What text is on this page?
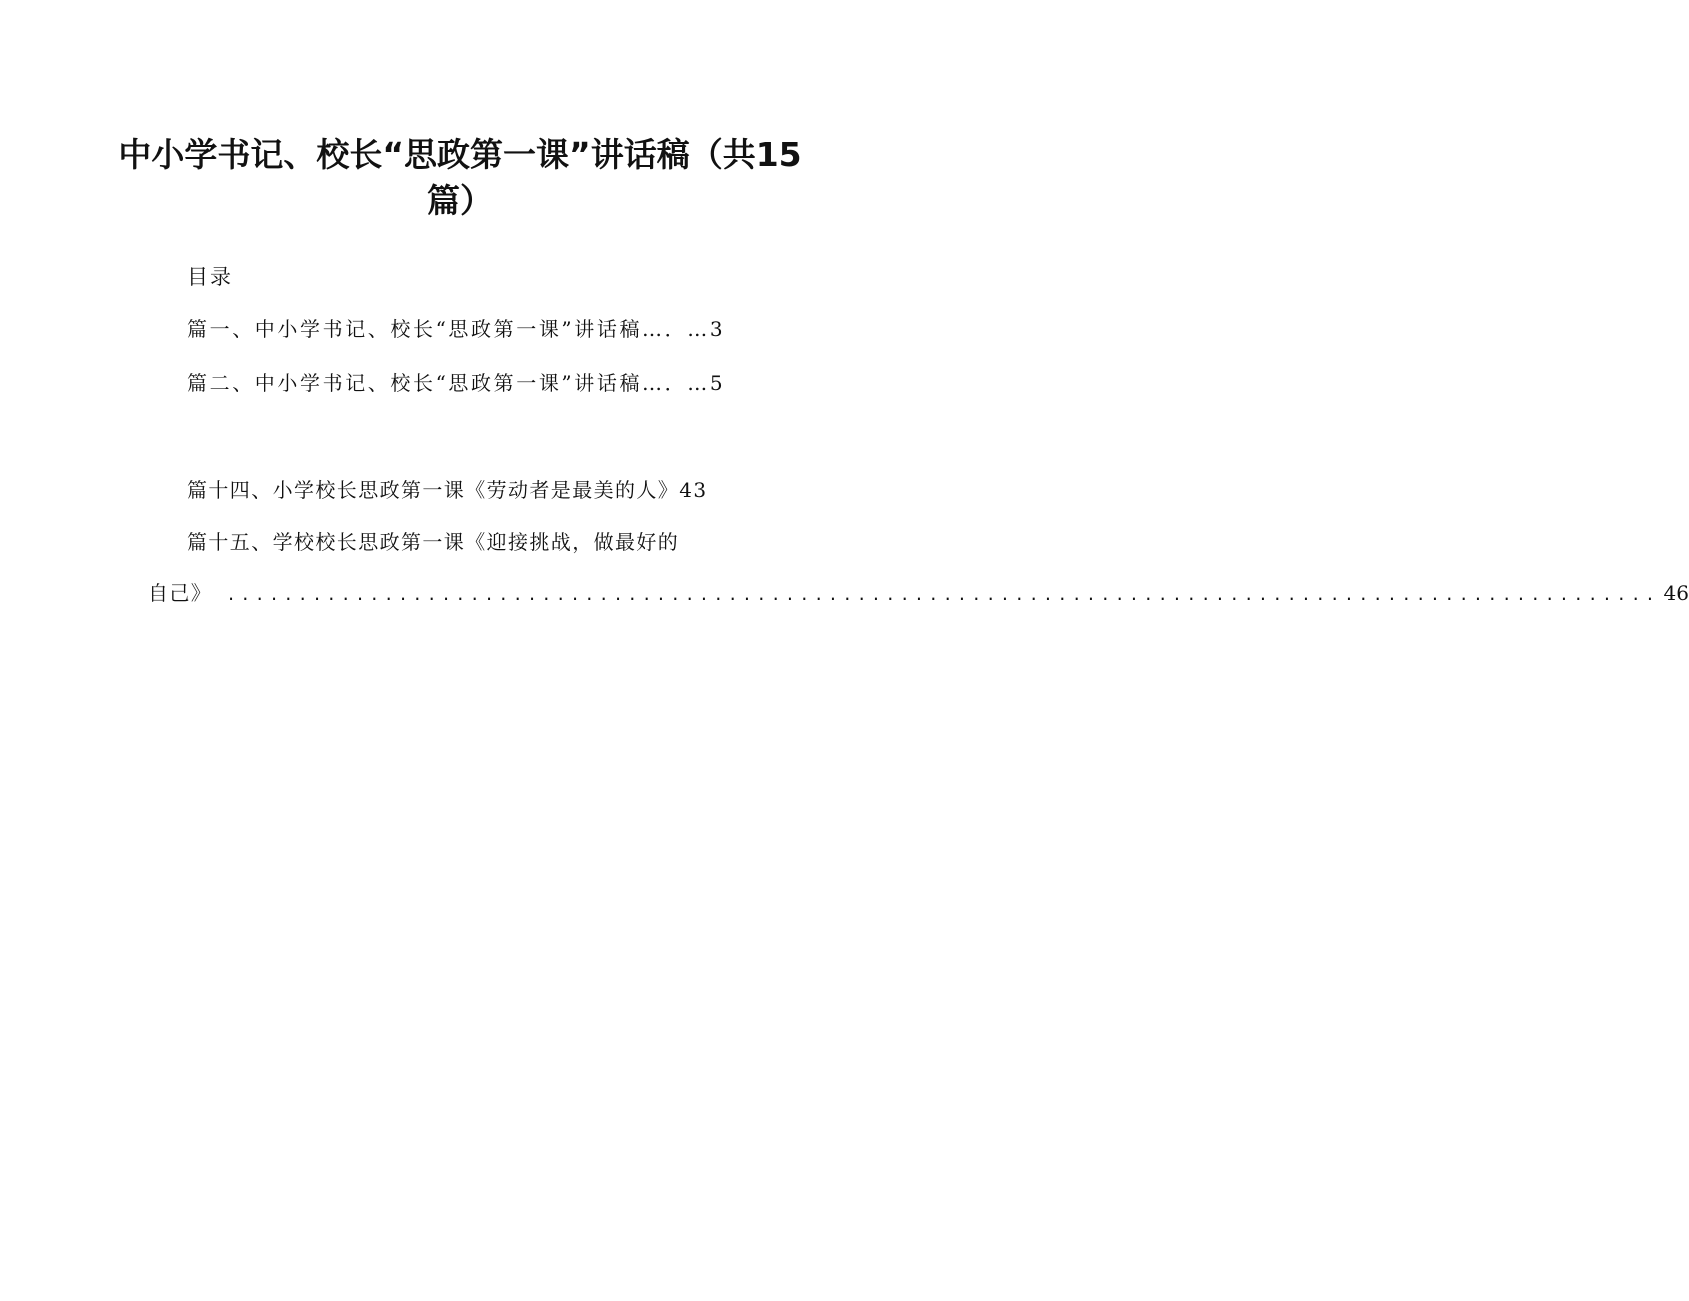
中小学书记、校长“思政第一课”讲话稿（共15
篇）
目录
篇一、中小学书记、校长“思政第一课”讲话稿…．…3
篇二、中小学书记、校长“思政第一课”讲话稿…．…5
篇十四、小学校长思政第一课《劳动者是最美的人》43
篇十五、学校校长思政第一课《迎接挑战，做最好的
自己》 .................................................................................................... 46
